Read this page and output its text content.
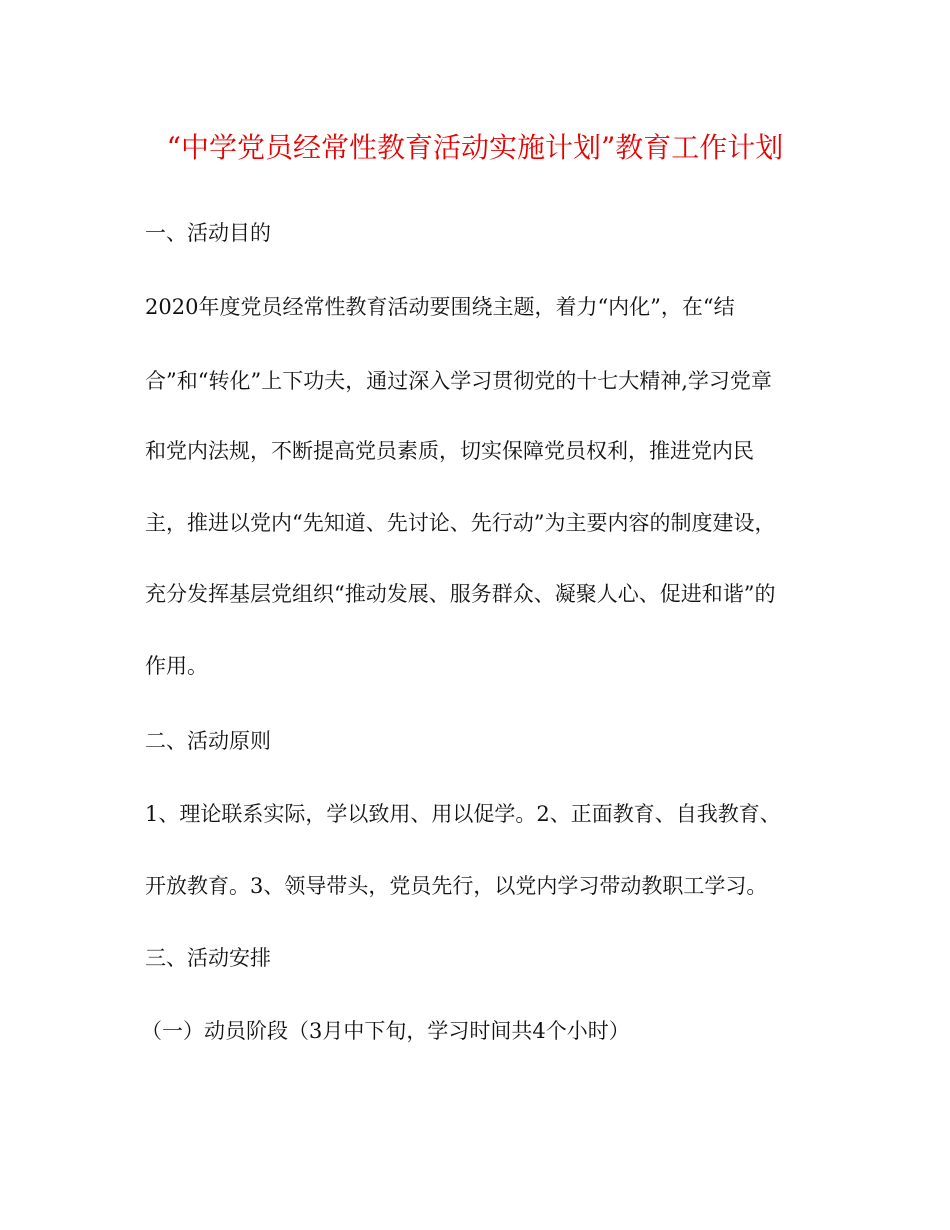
“中学党员经常性教育活动实施计划”教育工作计划
一、活动目的
2020年度党员经常性教育活动要围绕主题，着力“内化”，在“结
合”和“转化”上下功夫，通过深入学习贯彻党的十七大精神,学习党章
和党内法规，不断提高党员素质，切实保障党员权利，推进党内民
主，推进以党内“先知道、先讨论、先行动”为主要内容的制度建设，
充分发挥基层党组织“推动发展、服务群众、凝聚人心、促进和谐”的
作用。
二、活动原则
1、理论联系实际，学以致用、用以促学。2、正面教育、自我教育、
开放教育。3、领导带头，党员先行，以党内学习带动教职工学习。
三、活动安排
（一）动员阶段（3月中下旬，学习时间共4个小时）
